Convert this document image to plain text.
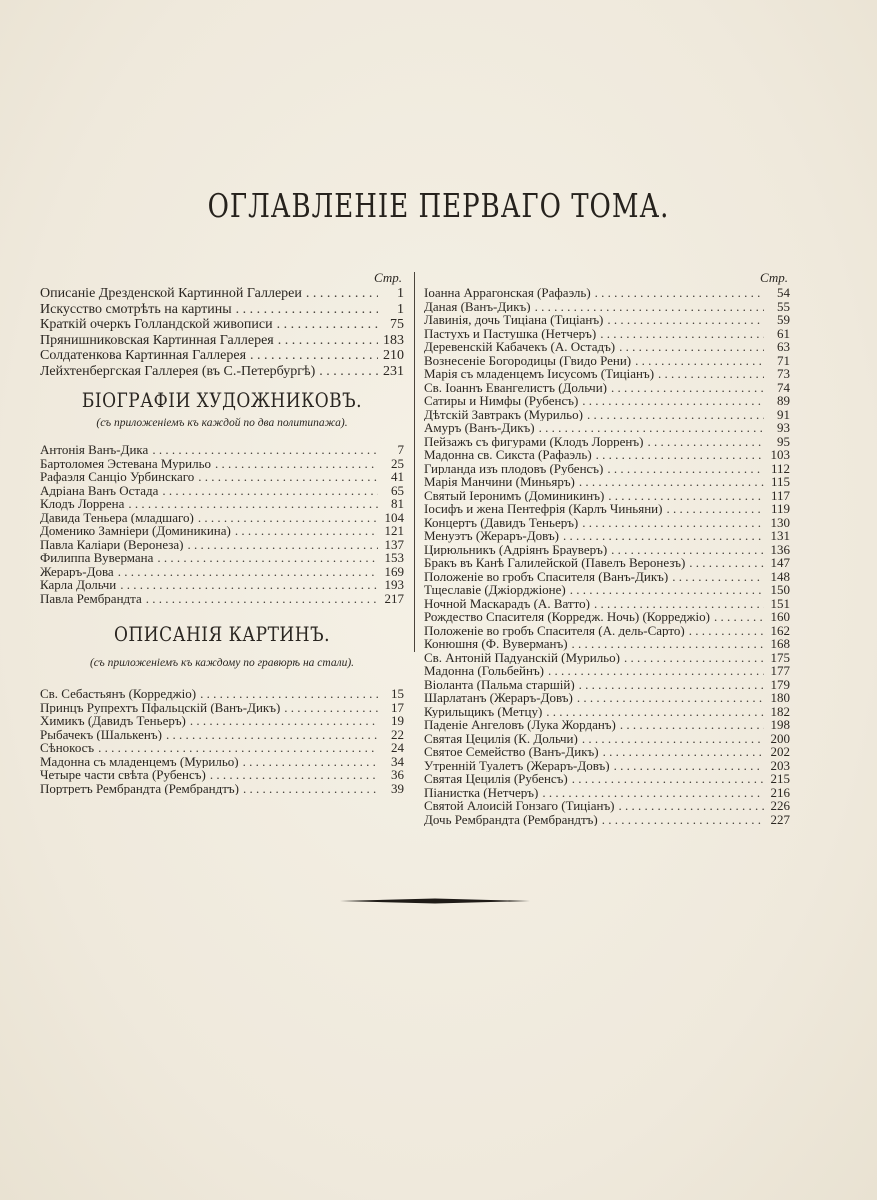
ОГЛАВЛЕНІЕ ПЕРВАГО ТОМА.
Стр.
Описаніе Дрезденской Картинной Галлереи . . .	1
Искусство смотрѣть на картины . . .	1
Краткій очеркъ Голландской живописи . . .	75
Прянишниковская Картинная Галлерея . . .	183
Солдатенкова Картинная Галлерея . . .	210
Лейхтенбергская Галлерея (въ С.-Петербургѣ) . . .	231
БІОГРАФІИ ХУДОЖНИКОВЪ.
(съ приложеніемъ къ каждой по два политипажа).
Антонія Ванъ-Дика . . .	7
Бартоломея Эстевана Мурильо . . .	25
Рафаэля Санціо Урбинскаго . . .	41
Адріана Ванъ Остада . . .	65
Клодъ Лоррена . . .	81
Давида Теньера (младшаго) . . .	104
Доменико Замніери (Доминикина) . . .	121
Павла Каліари (Веронеза) . . .	137
Филиппа Вувермана . . .	153
Жераръ-Дова . . .	169
Карла Дольчи . . .	193
Павла Рембрандта . . .	217
ОПИСАНІЯ КАРТИНЪ.
(съ приложеніемъ къ каждому по гравюрѣ на стали).
Св. Себастьянъ (Корреджіо) . . .	15
Принцъ Рупрехтъ Пфальцскій (Ванъ-Дикъ) . . .	17
Химикъ (Давидъ Теньеръ) . . .	19
Рыбачекъ (Шалькенъ) . . .	22
Сѣнокосъ . . .	24
Мадонна съ младенцемъ (Мурильо) . . .	34
Четыре части свѣта (Рубенсъ) . . .	36
Портретъ Рембрандта (Рембрандтъ) . . .	39
Стр.
Іоанна Аррагонская (Рафаэль) . . .	54
Даная (Ванъ-Дикъ) . . .	55
Лавинія, дочь Тиціана (Тиціанъ) . . .	59
Пастухъ и Пастушка (Нетчеръ) . . .	61
Деревенскій Кабачекъ (А. Остадъ) . . .	63
Вознесеніе Богородицы (Гвидо Рени) . . .	71
Марія съ младенцемъ Іисусомъ (Тиціанъ) . . .	73
Св. Іоаннъ Евангелистъ (Дольчи) . . .	74
Сатиры и Нимфы (Рубенсъ) . . .	89
Дѣтскій Завтракъ (Мурильо) . . .	91
Амуръ (Ванъ-Дикъ) . . .	93
Пейзажъ съ фигурами (Клодъ Лорренъ) . . .	95
Мадонна св. Сикста (Рафаэль) . . .	103
Гирланда изъ плодовъ (Рубенсъ) . . .	112
Марія Манчини (Миньяръ) . . .	115
Святый Іеронимъ (Доминикинъ) . . .	117
Іосифъ и жена Пентефрія (Карлъ Чиньяни) . . .	119
Концертъ (Давидъ Теньеръ) . . .	130
Менуэтъ (Жераръ-Довъ) . . .	131
Цирюльникъ (Адріянъ Брауверъ) . . .	136
Бракъ въ Канѣ Галилейской (Павелъ Веронезъ) . . .	147
Положеніе во гробъ Спасителя (Ванъ-Дикъ) . . .	148
Тщеславіе (Джіорджіоне) . . .	150
Ночной Маскарадъ (А. Ватто) . . .	151
Рождество Спасителя (Корредж. Ночь) (Корреджіо) . . .	160
Положеніе во гробъ Спасителя (А. дель-Сарто) . . .	162
Конюшня (Ф. Вуверманъ) . . .	168
Св. Антоній Падуанскій (Мурильо) . . .	175
Мадонна (Гольбейнъ) . . .	177
Віоланта (Пальма старшій) . . .	179
Шарлатанъ (Жераръ-Довъ) . . .	180
Курильщикъ (Метцу) . . .	182
Паденіе Ангеловъ (Лука Жорданъ) . . .	198
Святая Цецилія (К. Дольчи) . . .	200
Святое Семейство (Ванъ-Дикъ) . . .	202
Утренній Туалетъ (Жераръ-Довъ) . . .	203
Святая Цецилія (Рубенсъ) . . .	215
Піанистка (Нетчеръ) . . .	216
Святой Алоисій Гонзаго (Тиціанъ) . . .	226
Дочь Рембрандта (Рембрандтъ) . . .	227
